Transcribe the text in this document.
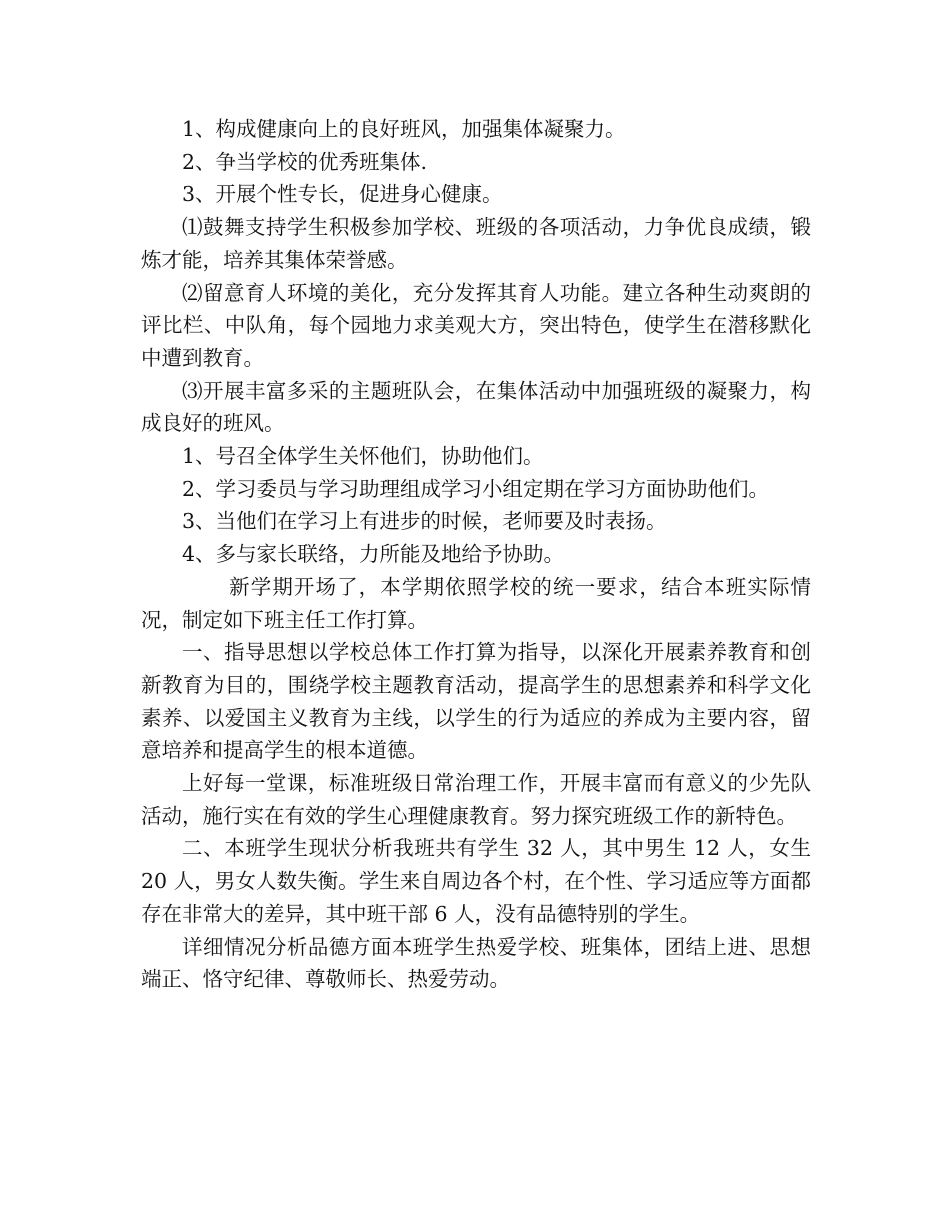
1、构成健康向上的良好班风，加强集体凝聚力。

2、争当学校的优秀班集体.

3、开展个性专长，促进身心健康。

⑴鼓舞支持学生积极参加学校、班级的各项活动，力争优良成绩，锻炼才能，培养其集体荣誉感。

⑵留意育人环境的美化，充分发挥其育人功能。建立各种生动爽朗的评比栏、中队角，每个园地力求美观大方，突出特色，使学生在潜移默化中遭到教育。

⑶开展丰富多采的主题班队会，在集体活动中加强班级的凝聚力，构成良好的班风。

1、号召全体学生关怀他们，协助他们。

2、学习委员与学习助理组成学习小组定期在学习方面协助他们。

3、当他们在学习上有进步的时候，老师要及时表扬。

4、多与家长联络，力所能及地给予协助。

新学期开场了，本学期依照学校的统一要求，结合本班实际情况，制定如下班主任工作打算。

一、指导思想以学校总体工作打算为指导，以深化开展素养教育和创新教育为目的，围绕学校主题教育活动，提高学生的思想素养和科学文化素养、以爱国主义教育为主线，以学生的行为适应的养成为主要内容，留意培养和提高学生的根本道德。

上好每一堂课，标准班级日常治理工作，开展丰富而有意义的少先队活动，施行实在有效的学生心理健康教育。努力探究班级工作的新特色。

二、本班学生现状分析我班共有学生 32 人，其中男生 12 人，女生 20 人，男女人数失衡。学生来自周边各个村，在个性、学习适应等方面都存在非常大的差异，其中班干部 6 人，没有品德特别的学生。

详细情况分析品德方面本班学生热爱学校、班集体，团结上进、思想端正、恪守纪律、尊敬师长、热爱劳动。
